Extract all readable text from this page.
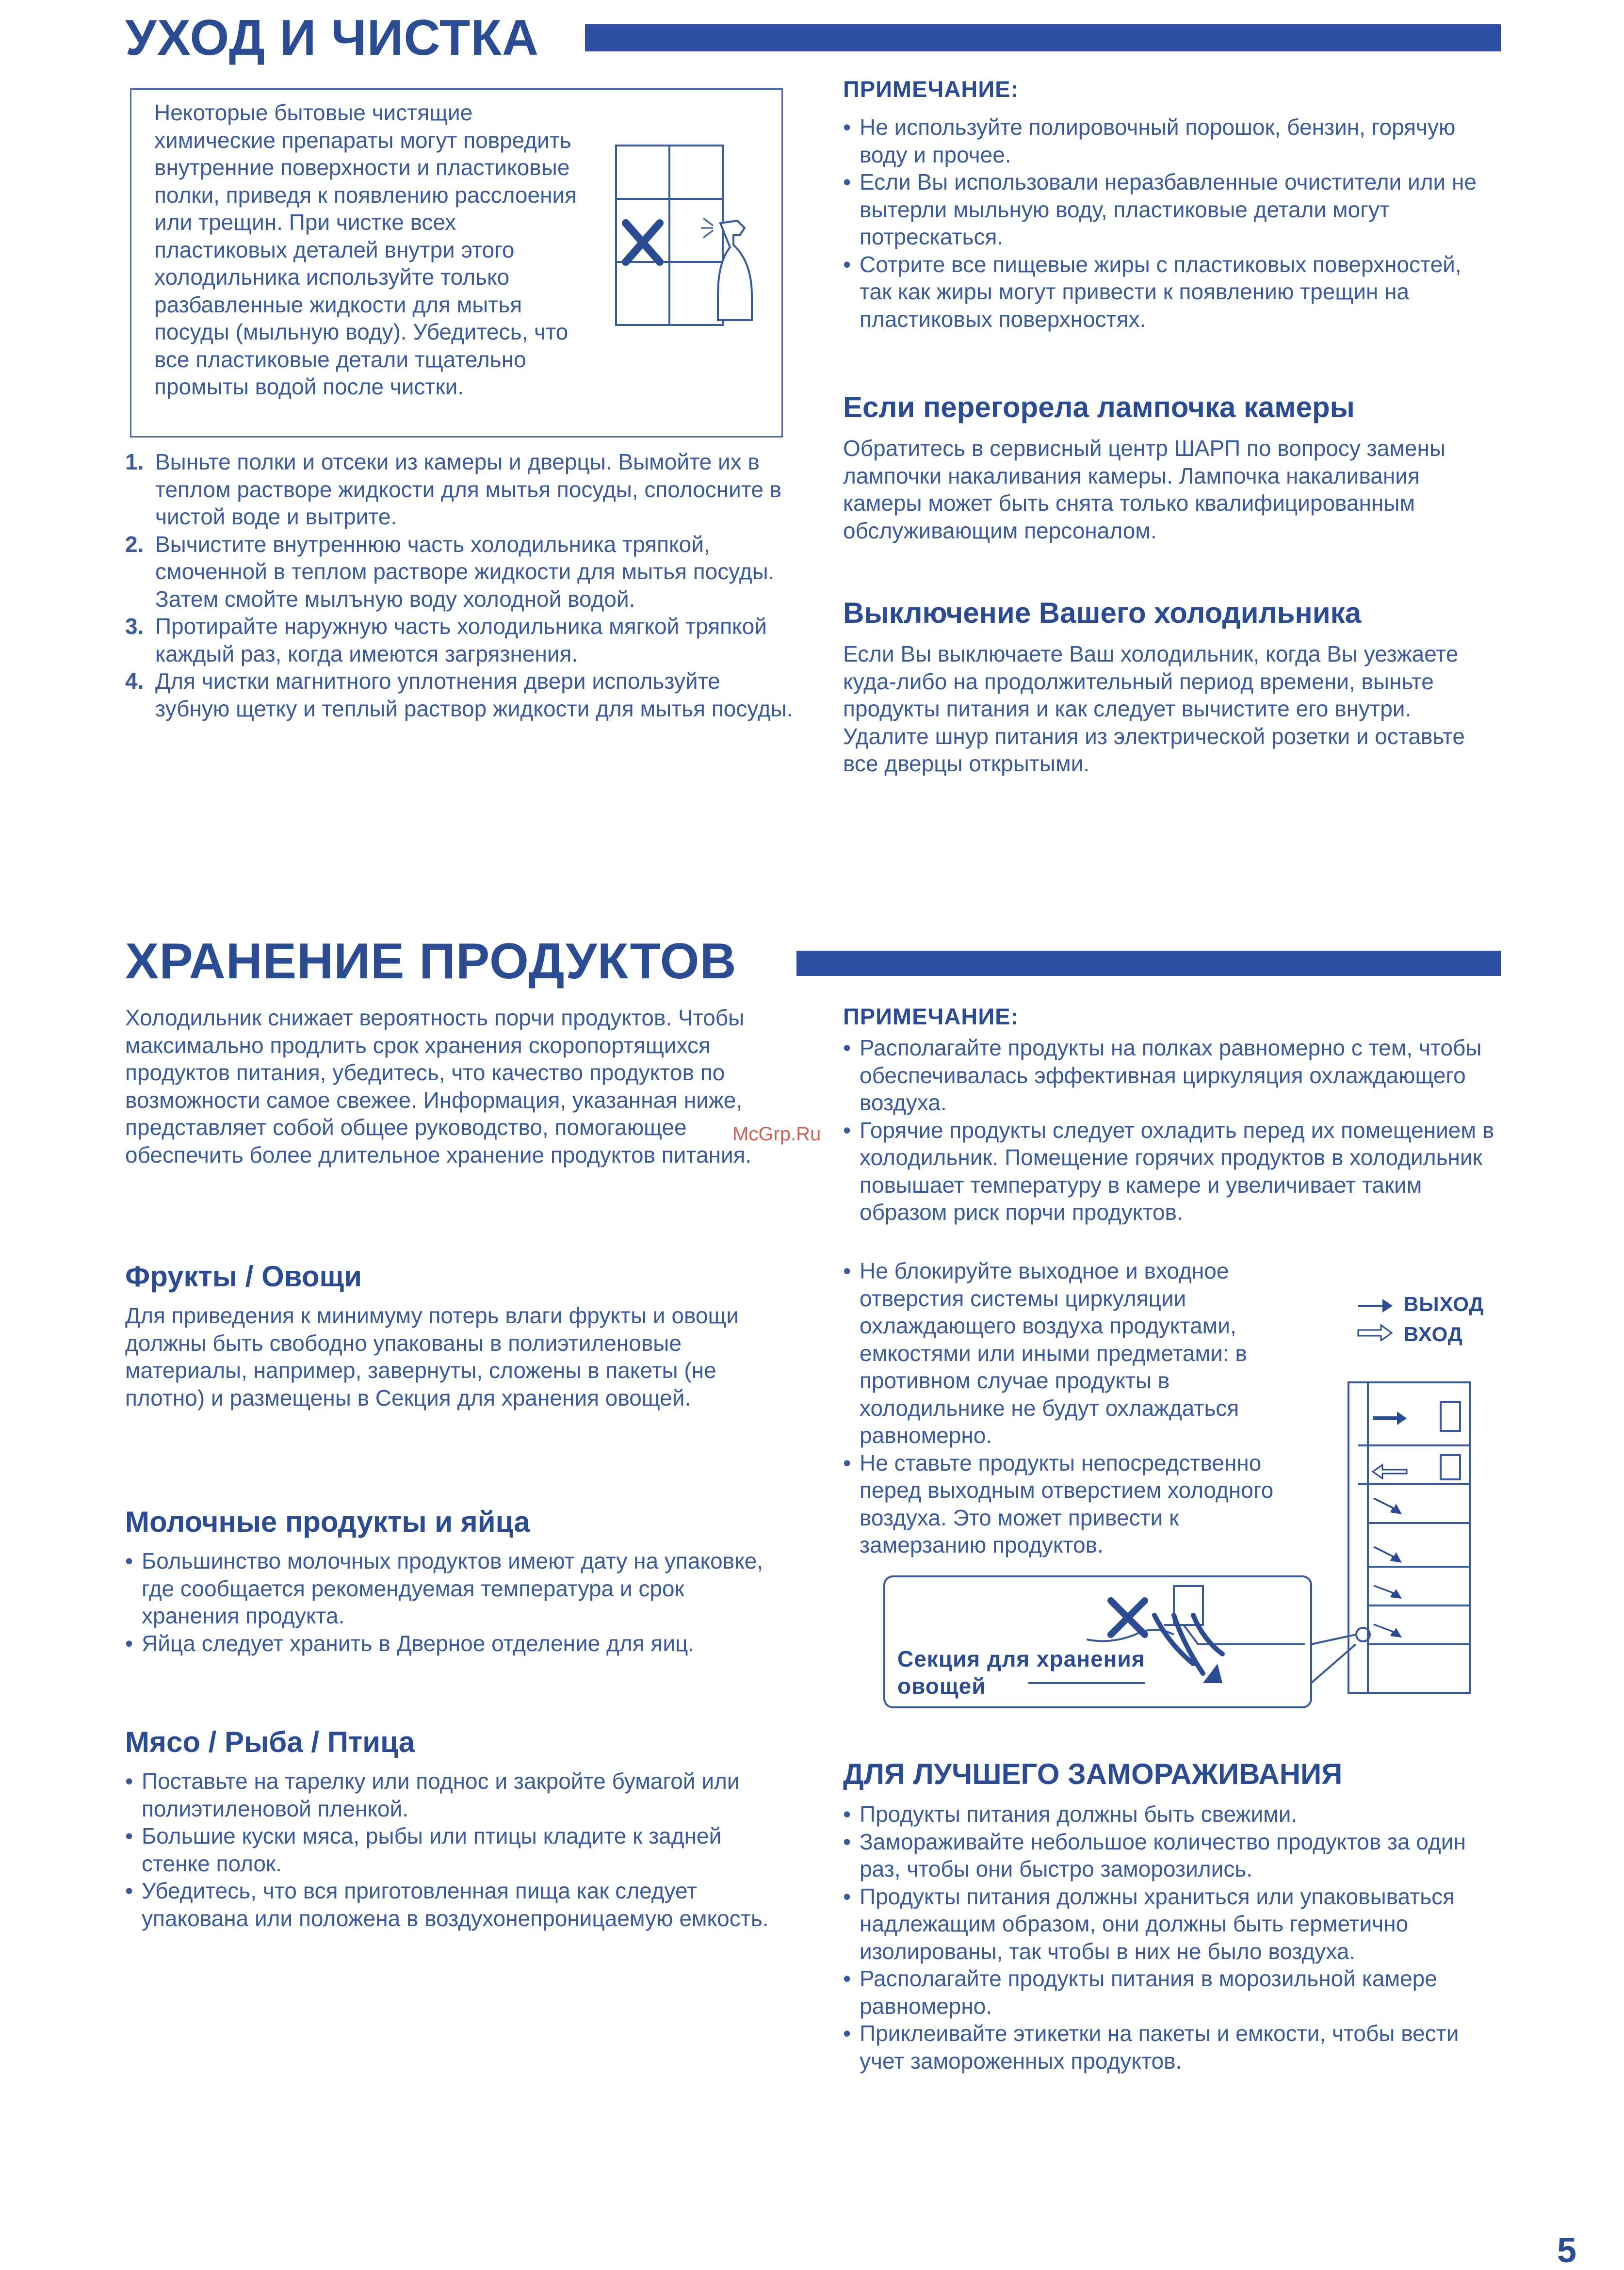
УХОД И ЧИСТКА
Некоторые бытовые чистящие химические препараты могут повредить внутренние поверхности и пластиковые полки, приведя к появлению расслоения или трещин. При чистке всех пластиковых деталей внутри этого холодильника используйте только разбавленные жидкости для мытья посуды (мыльную воду). Убедитесь, что все пластиковые детали тщательно промыты водой после чистки.
1. Выньте полки и отсеки из камеры и дверцы. Вымойте их в теплом растворе жидкости для мытья посуды, сполосните в чистой воде и вытрите.
2. Вычистите внутреннюю часть холодильника тряпкой, смоченной в теплом растворе жидкости для мытья посуды. Затем смойте мылъную воду холодной водой.
3. Протирайте наружную часть холодильника мягкой тряпкой каждый раз, когда имеются загрязнения.
4. Для чистки магнитного уплотнения двери используйте зубную щетку и теплый раствор жидкости для мытья посуды.
ПРИМЕЧАНИЕ:
• Не используйте полировочный порошок, бензин, горячую воду и прочее.
• Если Вы использовали неразбавленные очистители или не вытерли мыльную воду, пластиковые детали могут потрескаться.
• Сотрите все пищевые жиры с пластиковых поверхностей, так как жиры могут привести к появлению трещин на пластиковых поверхностях.
Если перегорела лампочка камеры
Обратитесь в сервисный центр ШАРП по вопросу замены лампочки накаливания камеры. Лампочка накаливания камеры может быть снята только квалифицированным обслуживающим персоналом.
Выключение Вашего холодильника
Если Вы выключаете Ваш холодильник, когда Вы уезжаете куда-либо на продолжительный период времени, выньте продукты питания и как следует вычистите его внутри. Удалите шнур питания из электрической розетки и оставьте все дверцы открытыми.
ХРАНЕНИЕ ПРОДУКТОВ
Холодильник снижает вероятность порчи продуктов. Чтобы максимально продлить срок хранения скоропортящихся продуктов питания, убедитесь, что качество продуктов по возможности самое свежее. Информация, указанная ниже, представляет собой общее руководство, помогающее обеспечить более длительное хранение продуктов питания.
Фрукты / Овощи
Для приведения к минимуму потерь влаги фрукты и овощи должны быть свободно упакованы в полиэтиленовые материалы, например, завернуты, сложены в пакеты (не плотно) и размещены в Секция для хранения овощей.
Молочные продукты и яйца
• Большинство молочных продуктов имеют дату на упаковке, где сообщается рекомендуемая температура и срок хранения продукта.
• Яйца следует хранить в Дверное отделение для яиц.
Мясо / Рыба / Птица
• Поставьте на тарелку или поднос и закройте бумагой или полиэтиленовой пленкой.
• Большие куски мяса, рыбы или птицы кладите к задней стенке полок.
• Убедитесь, что вся приготовленная пища как следует упакована или положена в воздухонепроницаемую емкость.
ПРИМЕЧАНИЕ:
• Располагайте продукты на полках равномерно с тем, чтобы обеспечивалась эффективная циркуляция охлаждающего воздуха.
• Горячие продукты следует охладить перед их помещением в холодильник. Помещение горячих продуктов в холодильник повышает температуру в камере и увеличивает таким образом риск порчи продуктов.
• Не блокируйте выходное и входное отверстия системы циркуляции охлаждающего воздуха продуктами, емкостями или иными предметами: в противном случае продукты в холодильнике не будут охлаждаться равномерно.
• Не ставьте продукты непосредственно перед выходным отверстием холодного воздуха. Это может привести к замерзанию продуктов.
ВЫХОД
ВХОД
Секция для хранения овощей
ДЛЯ ЛУЧШЕГО ЗАМОРАЖИВАНИЯ
• Продукты питания должны быть свежими.
• Замораживайте небольшое количество продуктов за один раз, чтобы они быстро заморозились.
• Продукты питания должны храниться или упаковываться надлежащим образом, они должны быть герметично изолированы, так чтобы в них не было воздуха.
• Располагайте продукты питания в морозильной камере равномерно.
• Приклеивайте этикетки на пакеты и емкости, чтобы вести учет замороженных продуктов.
McGrp.Ru
5
